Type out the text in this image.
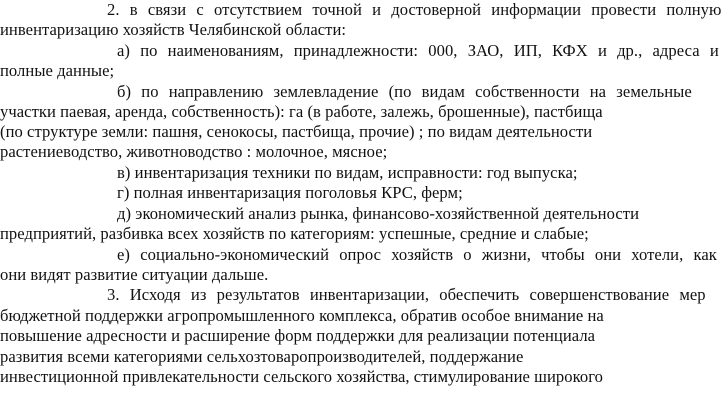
2. в связи с отсутствием точной и достоверной информации провести полную
инвентаризацию хозяйств Челябинской области:
а) по наименованиям, принадлежности: 000, ЗАО, ИП, КФХ и др., адреса и
полные данные;
б) по направлению землевладение (по видам собственности на земельные
участки паевая, аренда, собственность): га (в работе, залежь, брошенные), пастбища
(по структуре земли: пашня, сенокосы, пастбища, прочие) ; по видам деятельности
растениеводство, животноводство : молочное, мясное;
в) инвентаризация техники по видам, исправности: год выпуска;
г) полная инвентаризация поголовья КРС, ферм;
д) экономический анализ рынка, финансово-хозяйственной деятельности
предприятий, разбивка всех хозяйств по категориям: успешные, средние и слабые;
е) социально-экономический опрос хозяйств о жизни, чтобы они хотели, как
они видят развитие ситуации дальше.
3. Исходя из результатов инвентаризации, обеспечить совершенствование мер
бюджетной поддержки агропромышленного комплекса, обратив особое внимание на
повышение адресности и расширение форм поддержки для реализации потенциала
развития всеми категориями сельхозтоваропроизводителей, поддержание
инвестиционной привлекательности сельского хозяйства, стимулирование широкого
